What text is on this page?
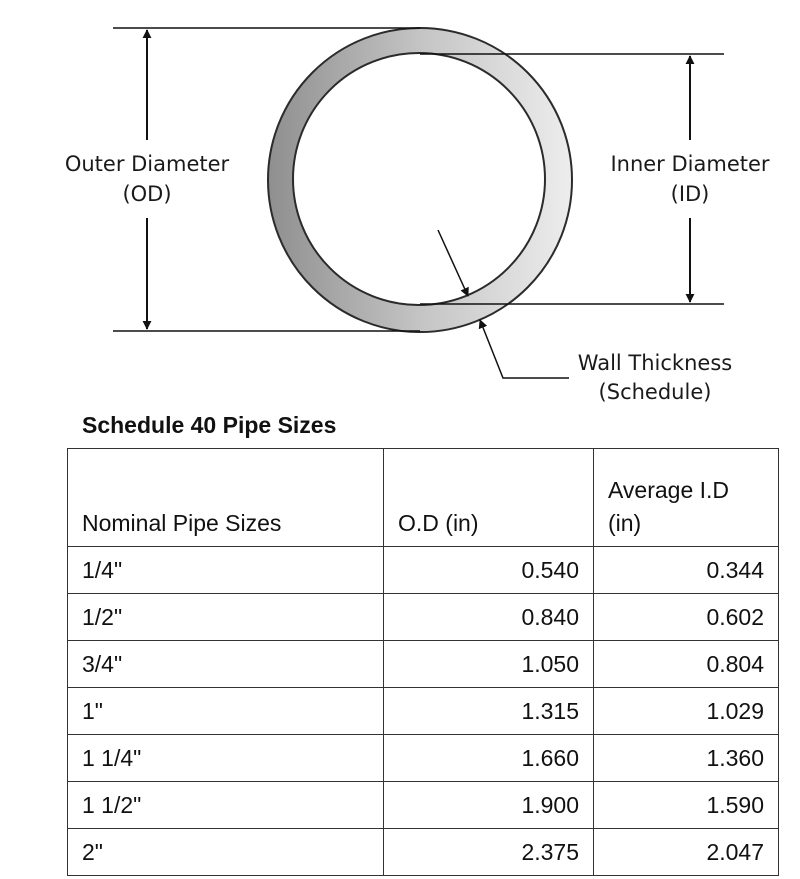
Outer Diameter
(OD)
Inner Diameter
(ID)
Wall Thickness
(Schedule)
Schedule 40 Pipe Sizes
Nominal Pipe Sizes	O.D (in)	Average I.D (in)
1/4"	0.540	0.344
1/2"	0.840	0.602
3/4"	1.050	0.804
1"	1.315	1.029
1 1/4"	1.660	1.360
1 1/2"	1.900	1.590
2"	2.375	2.047
